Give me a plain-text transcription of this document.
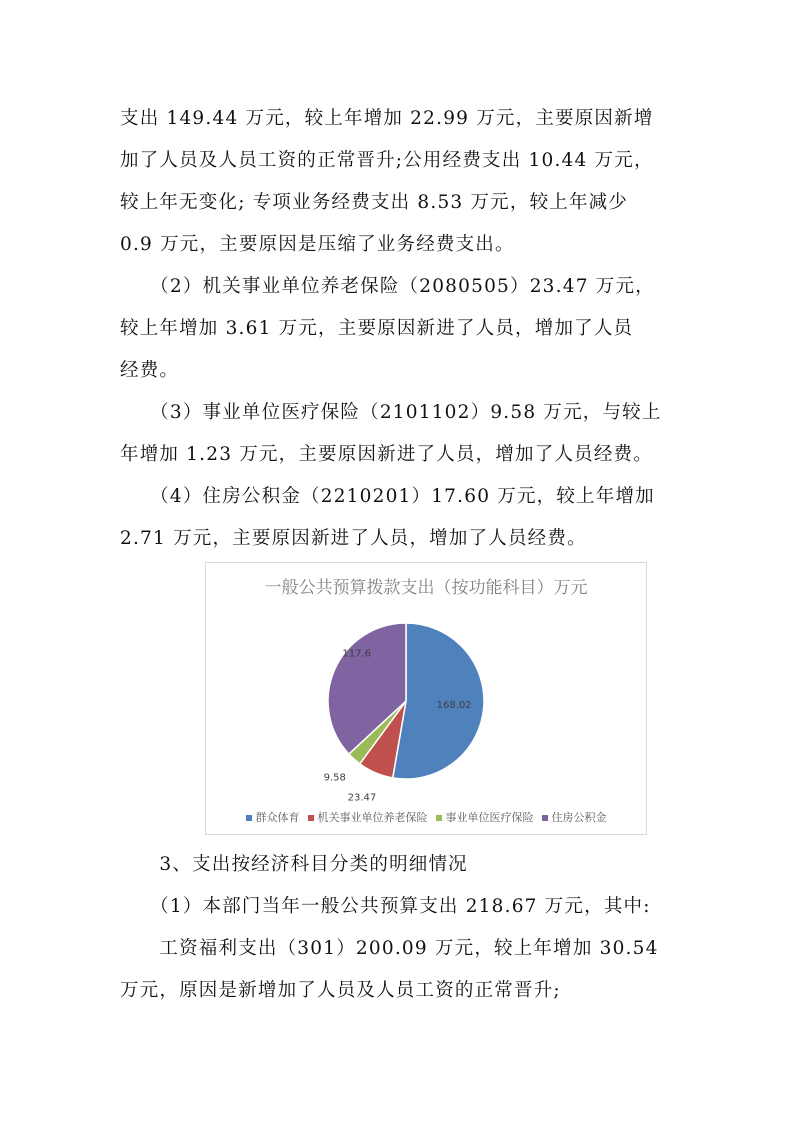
支出 149.44 万元，较上年增加 22.99 万元，主要原因新增
加了人员及人员工资的正常晋升;公用经费支出 10.44 万元，
较上年无变化; 专项业务经费支出 8.53 万元，较上年减少
0.9 万元，主要原因是压缩了业务经费支出。
　　（2）机关事业单位养老保险（2080505）23.47 万元，
较上年增加 3.61 万元，主要原因新进了人员，增加了人员
经费。
　　（3）事业单位医疗保险（2101102）9.58 万元，与较上
年增加 1.23 万元，主要原因新进了人员，增加了人员经费。
　　（4）住房公积金（2210201）17.60 万元，较上年增加
2.71 万元，主要原因新进了人员，增加了人员经费。
　　3、支出按经济科目分类的明细情况
　　（1）本部门当年一般公共预算支出 218.67 万元，其中:
　　工资福利支出（301）200.09 万元，较上年增加 30.54
万元，原因是新增加了人员及人员工资的正常晋升;
一般公共预算拨款支出（按功能科目）万元
168.02
23.47
9.58
117.6
群众体育 机关事业单位养老保险 事业单位医疗保险 住房公积金
